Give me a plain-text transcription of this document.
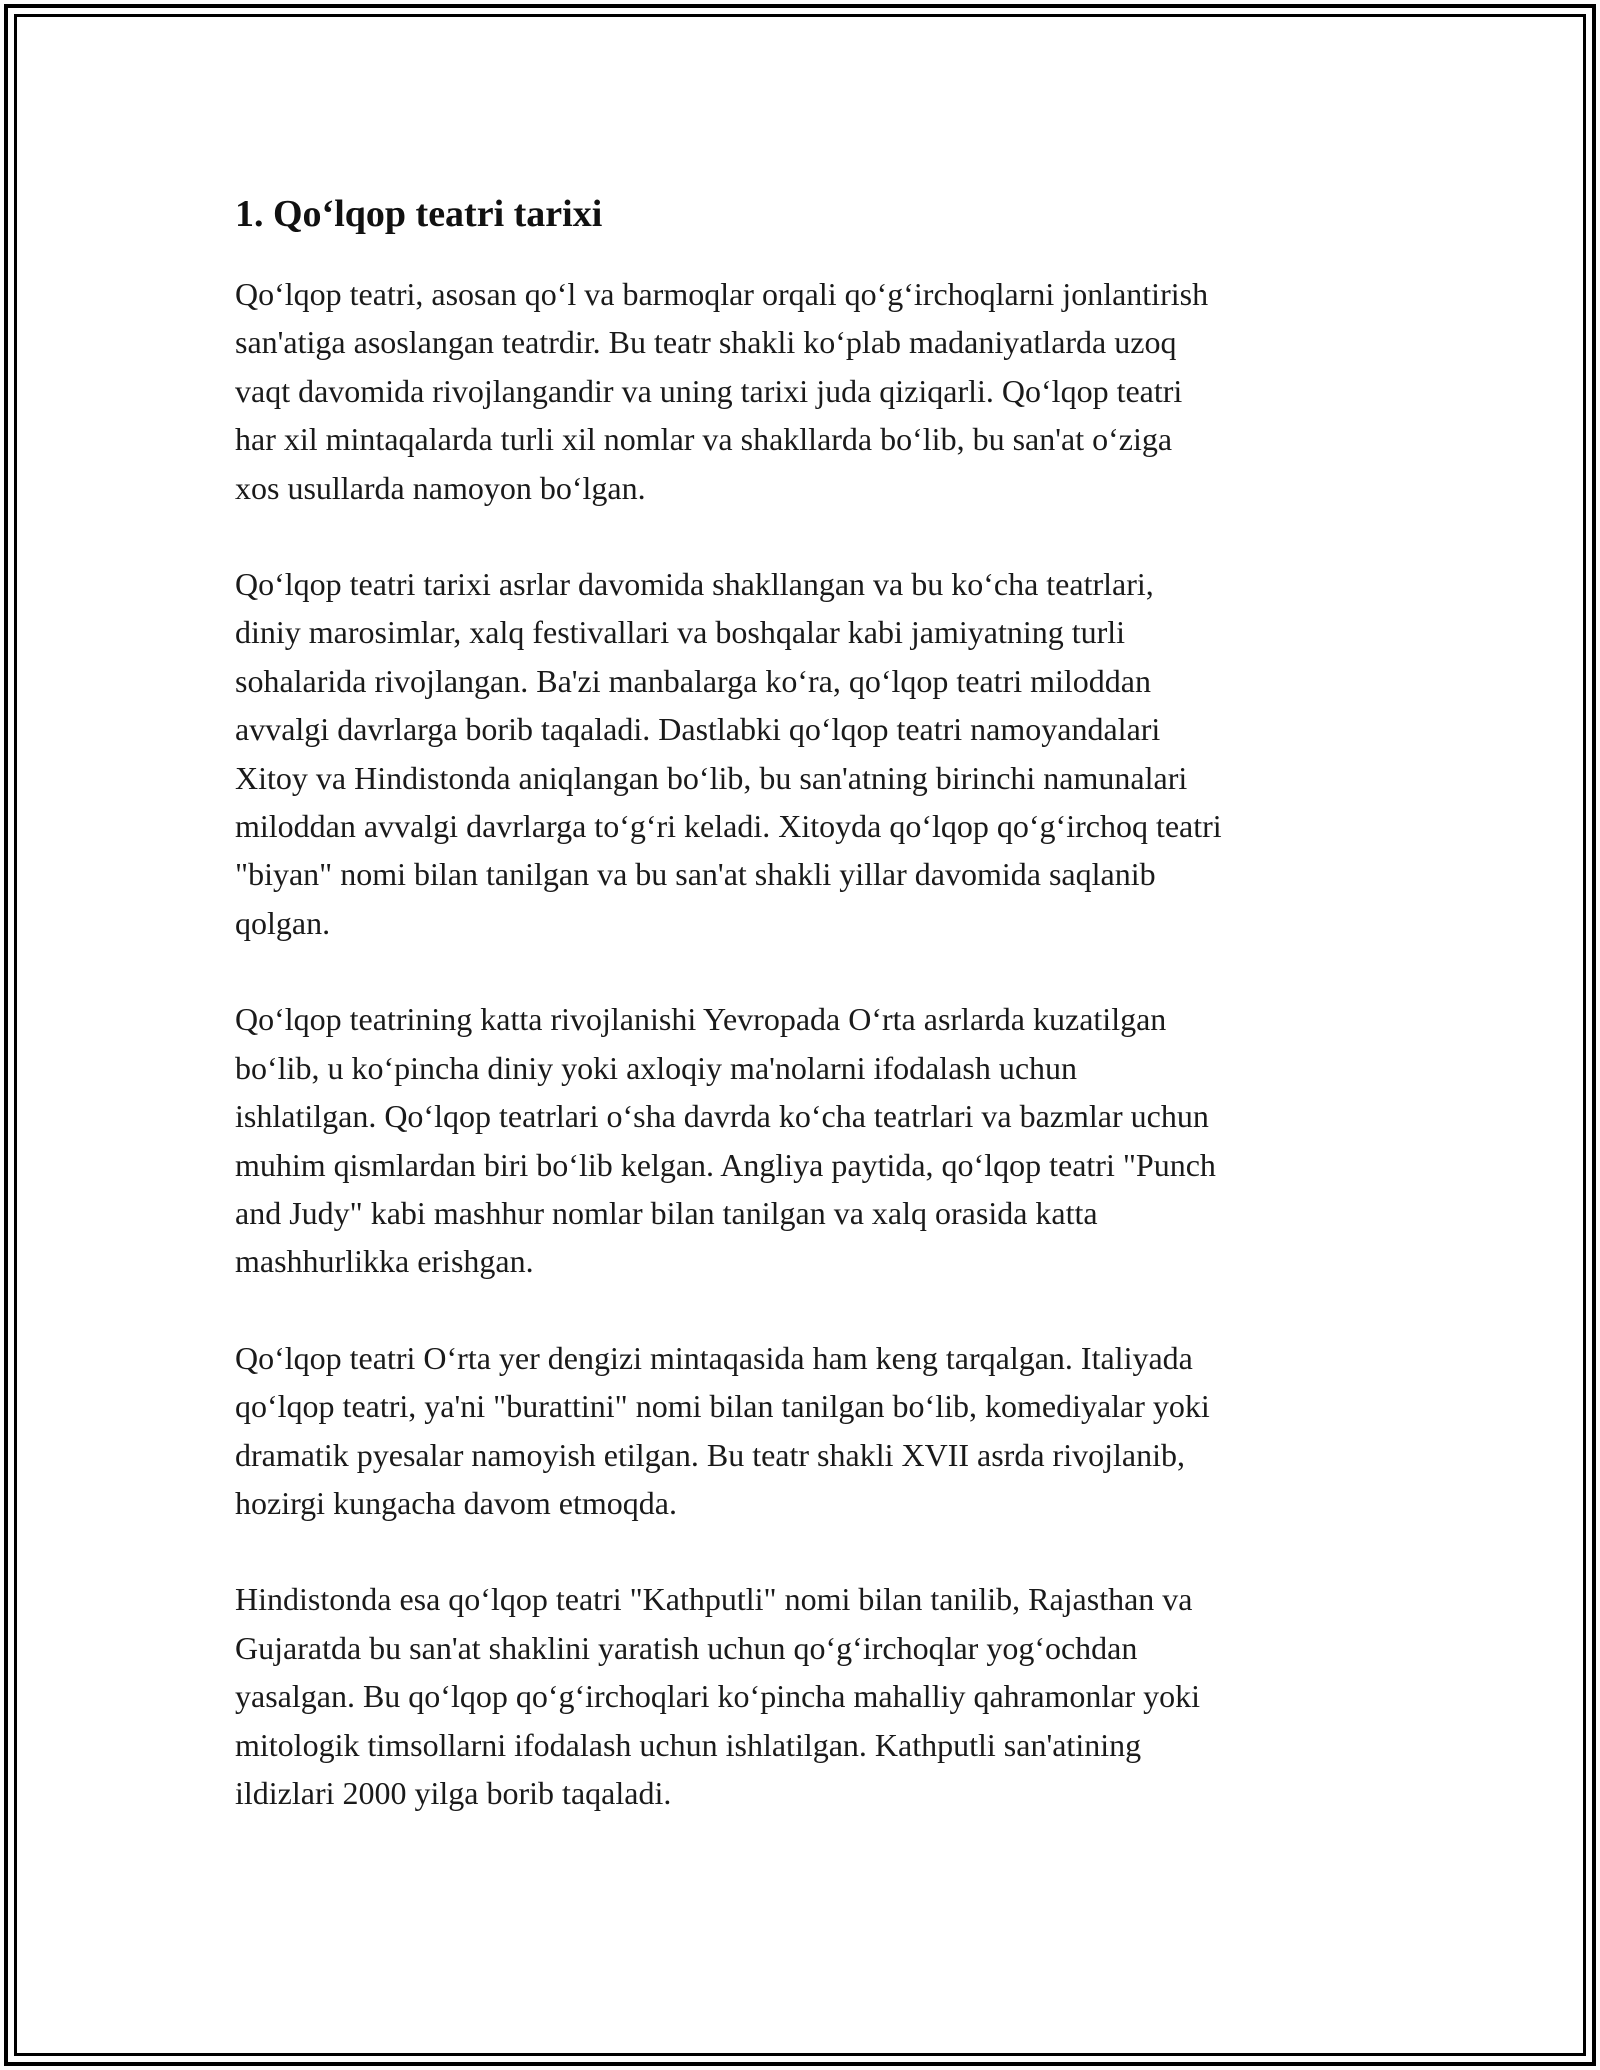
1. Qo‘lqop teatri tarixi

Qo‘lqop teatri, asosan qo‘l va barmoqlar orqali qo‘g‘irchoqlarni jonlantirish
san'atiga asoslangan teatrdir. Bu teatr shakli ko‘plab madaniyatlarda uzoq
vaqt davomida rivojlangandir va uning tarixi juda qiziqarli. Qo‘lqop teatri
har xil mintaqalarda turli xil nomlar va shakllarda bo‘lib, bu san'at o‘ziga
xos usullarda namoyon bo‘lgan.

Qo‘lqop teatri tarixi asrlar davomida shakllangan va bu ko‘cha teatrlari,
diniy marosimlar, xalq festivallari va boshqalar kabi jamiyatning turli
sohalarida rivojlangan. Ba'zi manbalarga ko‘ra, qo‘lqop teatri miloddan
avvalgi davrlarga borib taqaladi. Dastlabki qo‘lqop teatri namoyandalari
Xitoy va Hindistonda aniqlangan bo‘lib, bu san'atning birinchi namunalari
miloddan avvalgi davrlarga to‘g‘ri keladi. Xitoyda qo‘lqop qo‘g‘irchoq teatri
"biyan" nomi bilan tanilgan va bu san'at shakli yillar davomida saqlanib
qolgan.

Qo‘lqop teatrining katta rivojlanishi Yevropada O‘rta asrlarda kuzatilgan
bo‘lib, u ko‘pincha diniy yoki axloqiy ma'nolarni ifodalash uchun
ishlatilgan. Qo‘lqop teatrlari o‘sha davrda ko‘cha teatrlari va bazmlar uchun
muhim qismlardan biri bo‘lib kelgan. Angliya paytida, qo‘lqop teatri "Punch
and Judy" kabi mashhur nomlar bilan tanilgan va xalq orasida katta
mashhurlikka erishgan.

Qo‘lqop teatri O‘rta yer dengizi mintaqasida ham keng tarqalgan. Italiyada
qo‘lqop teatri, ya'ni "burattini" nomi bilan tanilgan bo‘lib, komediyalar yoki
dramatik pyesalar namoyish etilgan. Bu teatr shakli XVII asrda rivojlanib,
hozirgi kungacha davom etmoqda.

Hindistonda esa qo‘lqop teatri "Kathputli" nomi bilan tanilib, Rajasthan va
Gujaratda bu san'at shaklini yaratish uchun qo‘g‘irchoqlar yog‘ochdan
yasalgan. Bu qo‘lqop qo‘g‘irchoqlari ko‘pincha mahalliy qahramonlar yoki
mitologik timsollarni ifodalash uchun ishlatilgan. Kathputli san'atining
ildizlari 2000 yilga borib taqaladi.
